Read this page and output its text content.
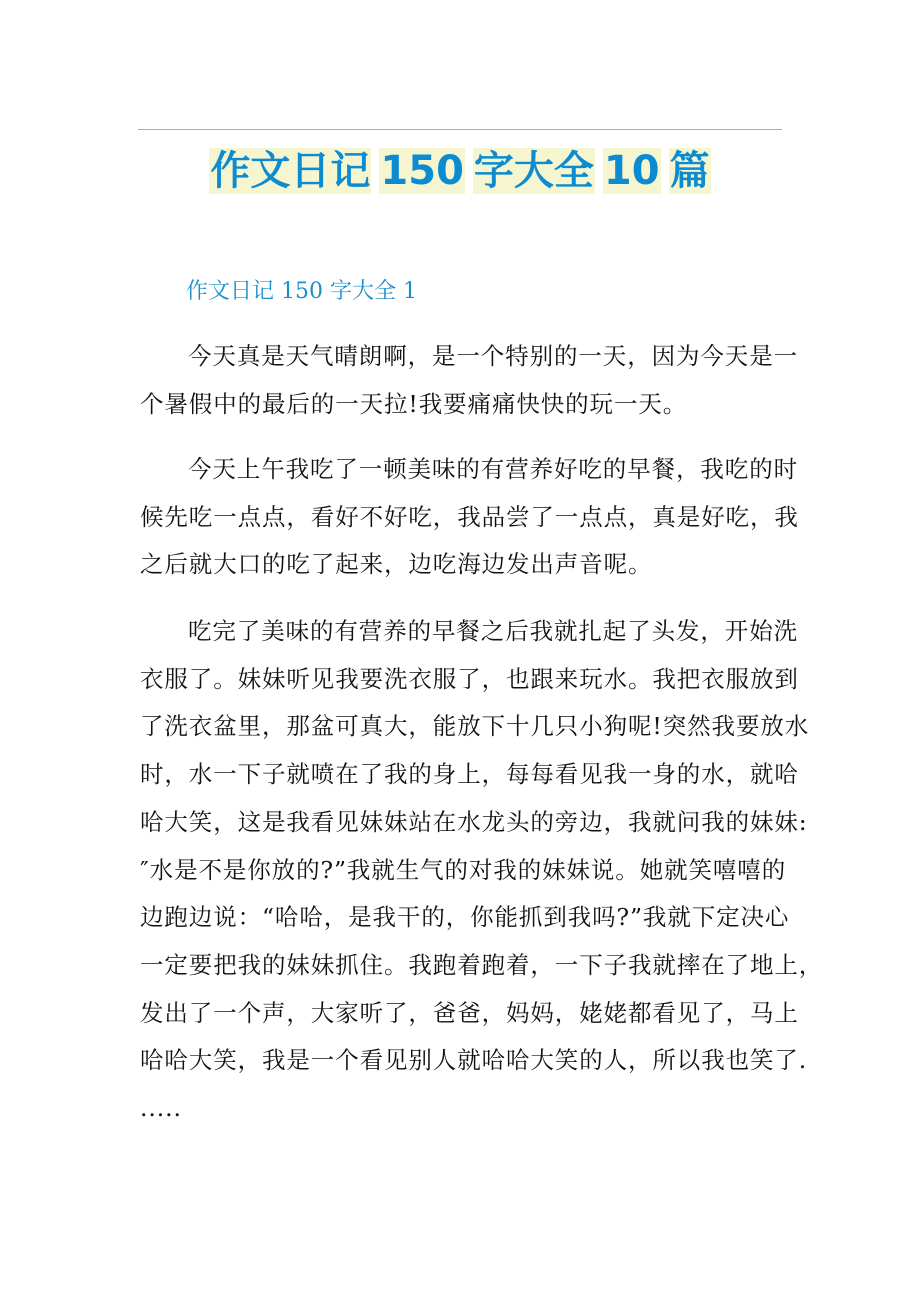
作文日记 150 字大全 10 篇
作文日记 150 字大全 1
今天真是天气晴朗啊，是一个特别的一天，因为今天是一
个暑假中的最后的一天拉!我要痛痛快快的玩一天。
今天上午我吃了一顿美味的有营养好吃的早餐，我吃的时
候先吃一点点，看好不好吃，我品尝了一点点，真是好吃，我
之后就大口的吃了起来，边吃海边发出声音呢。
吃完了美味的有营养的早餐之后我就扎起了头发，开始洗
衣服了。妹妹听见我要洗衣服了，也跟来玩水。我把衣服放到
了洗衣盆里，那盆可真大，能放下十几只小狗呢!突然我要放水
时，水一下子就喷在了我的身上，每每看见我一身的水，就哈
哈大笑，这是我看见妹妹站在水龙头的旁边，我就问我的妹妹:
″水是不是你放的?”我就生气的对我的妹妹说。她就笑嘻嘻的
边跑边说：“哈哈，是我干的，你能抓到我吗?”我就下定决心
一定要把我的妹妹抓住。我跑着跑着，一下子我就摔在了地上，
发出了一个声，大家听了，爸爸，妈妈，姥姥都看见了，马上
哈哈大笑，我是一个看见别人就哈哈大笑的人，所以我也笑了.
.....
